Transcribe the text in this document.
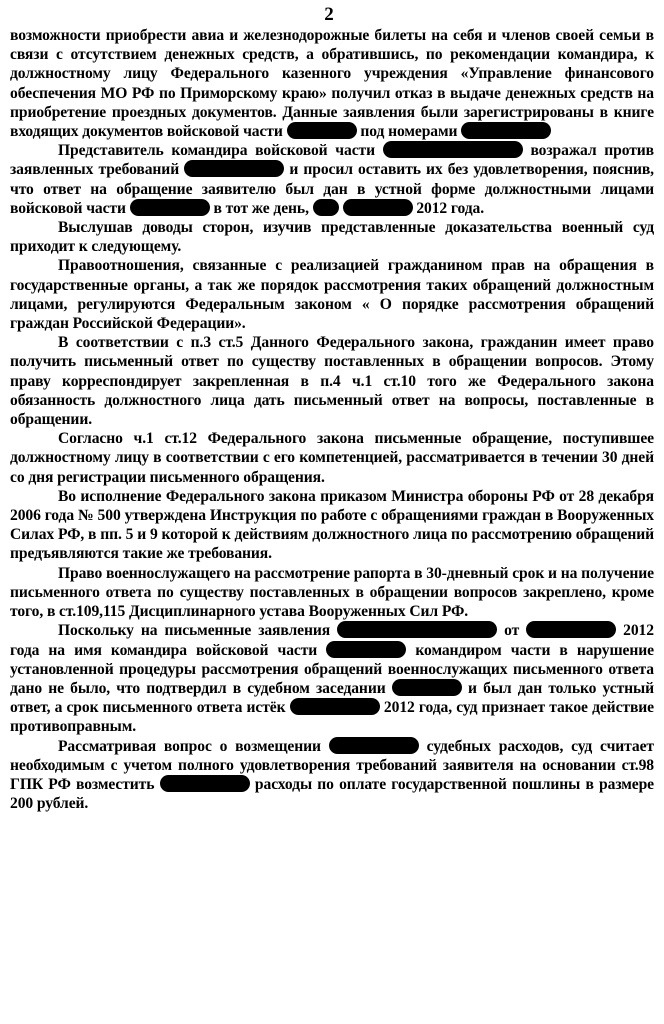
2

возможности приобрести авиа и железнодорожные билеты на себя и членов своей семьи в связи с отсутствием денежных средств, а обратившись, по рекомендации командира, к должностному лицу Федерального казенного учреждения «Управление финансового обеспечения МО РФ по Приморскому краю» получил отказ в выдаче денежных средств на приобретение проездных документов. Данные заявления были зарегистрированы в книге входящих документов войсковой части	под номерами

Представитель командира войсковой части	возражал против заявленных требований	и просил оставить их без удовлетворения, пояснив, что ответ на обращение заявителю был дан в устной форме должностными лицами войсковой части	в тот же день,	2012 года.

Выслушав доводы сторон, изучив представленные доказательства военный суд приходит к следующему.

Правоотношения, связанные с реализацией гражданином прав на обращения в государственные органы, а так же порядок рассмотрения таких обращений должностным лицами, регулируются Федеральным законом « О порядке рассмотрения обращений граждан Российской Федерации».

В соответствии с п.3 ст.5 Данного Федерального закона, гражданин имеет право получить письменный ответ по существу поставленных в обращении вопросов. Этому праву корреспондирует закрепленная в п.4 ч.1 ст.10 того же Федерального закона обязанность должностного лица дать письменный ответ на вопросы, поставленные в обращении.

Согласно ч.1 ст.12 Федерального закона письменные обращение, поступившее должностному лицу в соответствии с его компетенцией, рассматривается в течении 30 дней со дня регистрации письменного обращения.

Во исполнение Федерального закона приказом Министра обороны РФ от 28 декабря 2006 года № 500 утверждена Инструкция по работе с обращениями граждан в Вооруженных Силах РФ, в пп. 5 и 9 которой к действиям должностного лица по рассмотрению обращений предъявляются такие же требования.

Право военнослужащего на рассмотрение рапорта в 30-дневный срок и на получение письменного ответа по существу поставленных в обращении вопросов закреплено, кроме того, в ст.109,115 Дисциплинарного устава Вооруженных Сил РФ.

Поскольку на письменные заявления	от	2012 года на имя командира войсковой части	командиром части в нарушение установленной процедуры рассмотрения обращений военнослужащих письменного ответа дано не было, что подтвердил в судебном заседании	и был дан только устный ответ, а срок письменного ответа истёк	2012 года, суд признает такое действие противоправным.

Рассматривая вопрос о возмещении	судебных расходов, суд считает необходимым с учетом полного удовлетворения требований заявителя на основании ст.98 ГПК РФ возместить	расходы по оплате государственной пошлины в размере 200 рублей.
